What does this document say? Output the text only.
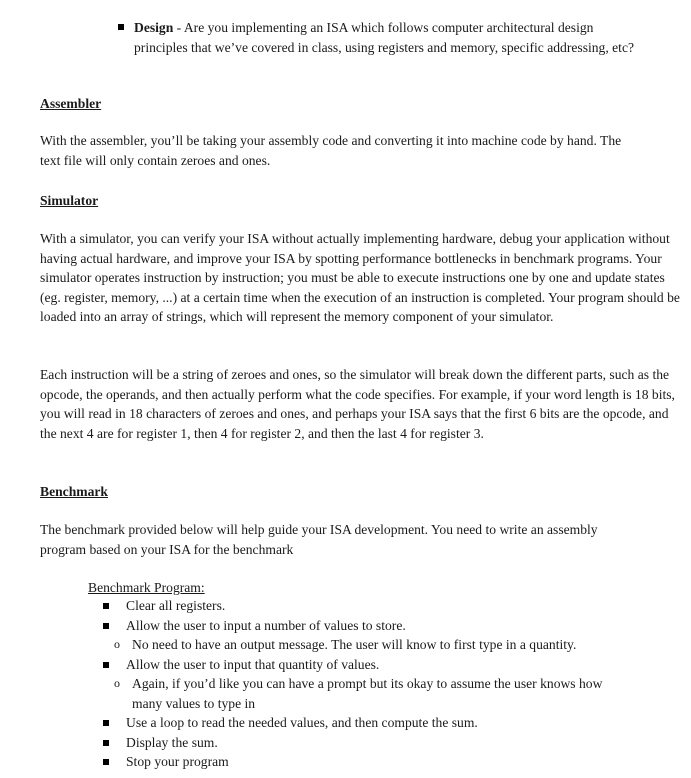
Design - Are you implementing an ISA which follows computer architectural design principles that we’ve covered in class, using registers and memory, specific addressing, etc?
Assembler

With the assembler, you’ll be taking your assembly code and converting it into machine code by hand. The text file will only contain zeroes and ones.

Simulator

With a simulator, you can verify your ISA without actually implementing hardware, debug your application without having actual hardware, and improve your ISA by spotting performance bottlenecks in benchmark programs. Your simulator operates instruction by instruction; you must be able to execute instructions one by one and update states (eg. register, memory, ...) at a certain time when the execution of an instruction is completed. Your program should be loaded into an array of strings, which will represent the memory component of your simulator.

Each instruction will be a string of zeroes and ones, so the simulator will break down the different parts, such as the opcode, the operands, and then actually perform what the code specifies. For example, if your word length is 18 bits, you will read in 18 characters of zeroes and ones, and perhaps your ISA says that the first 6 bits are the opcode, and the next 4 are for register 1, then 4 for register 2, and then the last 4 for register 3.

Benchmark

The benchmark provided below will help guide your ISA development. You need to write an assembly program based on your ISA for the benchmark

Benchmark Program:
Clear all registers.
Allow the user to input a number of values to store.
o No need to have an output message. The user will know to first type in a quantity.
Allow the user to input that quantity of values.
o Again, if you’d like you can have a prompt but its okay to assume the user knows how many values to type in
Use a loop to read the needed values, and then compute the sum.
Display the sum.
Stop your program
